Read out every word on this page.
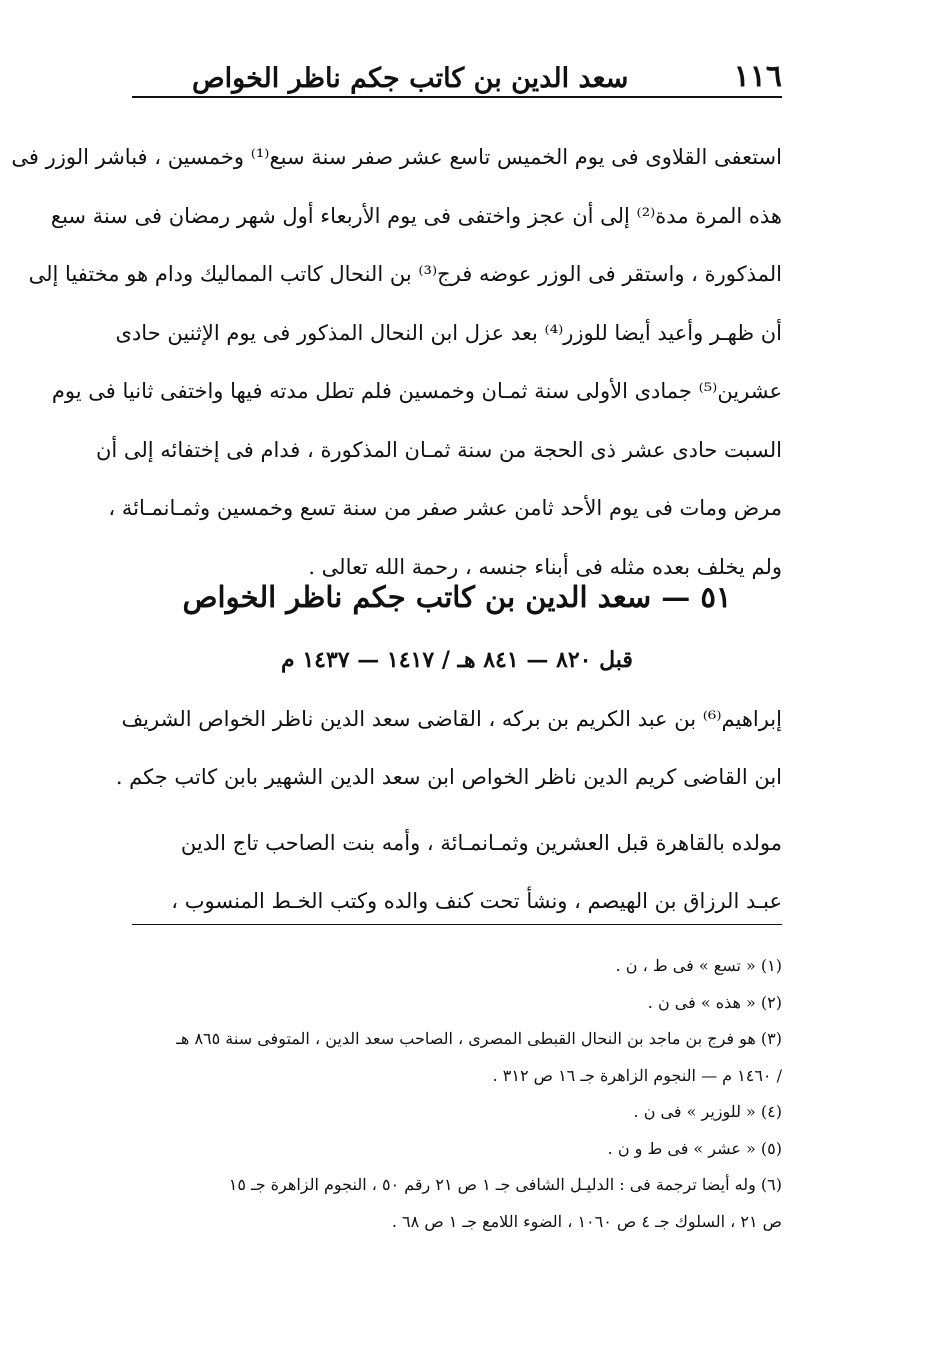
١١٦
سعد الدين بن كاتب جكم ناظر الخواص
استعفى القلاوى فى يوم الخميس تاسع عشر صفر سنة سبع⁽¹⁾ وخمسين ، فباشر الوزر فى
هذه المرة مدة⁽²⁾ إلى أن عجز واختفى فى يوم الأربعاء أول شهر رمضان فى سنة سبع
المذكورة ، واستقر فى الوزر عوضه فرج⁽³⁾ بن النحال كاتب المماليك ودام هو مختفيا إلى
أن ظهـر وأعيد أيضا للوزر⁽⁴⁾ بعد عزل ابن النحال المذكور فى يوم الإثنين حادى
عشرين⁽⁵⁾ جمادى الأولى سنة ثمـان وخمسين فلم تطل مدته فيها واختفى ثانيا فى يوم
السبت حادى عشر ذى الحجة من سنة ثمـان المذكورة ، فدام فى إختفائه إلى أن
مرض ومات فى يوم الأحد ثامن عشر صفر من سنة تسع وخمسين وثمـانمـائة ،
ولم يخلف بعده مثله فى أبناء جنسه ، رحمة الله تعالى .
٥١ — سعد الدين بن كاتب جكم ناظر الخواص
قبل ٨٢٠ — ٨٤١ هـ / ١٤١٧ — ١٤٣٧ م
إبراهيم⁽⁶⁾ بن عبد الكريم بن بركه ، القاضى سعد الدين ناظر الخواص الشريف
ابن القاضى كريم الدين ناظر الخواص ابن سعد الدين الشهير بابن كاتب جكم .
مولده بالقاهرة قبل العشرين وثمـانمـائة ، وأمه بنت الصاحب تاج الدين
عبـد الرزاق بن الهيصم ، ونشأ تحت كنف والده وكتب الخـط المنسوب ،
(١) « تسع » فى ط ، ن .
(٢) « هذه » فى ن .
(٣) هو فرج بن ماجد بن النحال القبطى المصرى ، الصاحب سعد الدين ، المتوفى سنة ٨٦٥ هـ
/ ١٤٦٠ م — النجوم الزاهرة جـ ١٦ ص ٣١٢ .
(٤) « للوزير » فى ن .
(٥) « عشر » فى ط و ن .
(٦) وله أيضا ترجمة فى : الدليـل الشافى جـ ١ ص ٢١ رقم ٥٠ ، النجوم الزاهرة جـ ١٥
ص ٢١ ، السلوك جـ ٤ ص ١٠٦٠ ، الضوء اللامع جـ ١ ص ٦٨ .
